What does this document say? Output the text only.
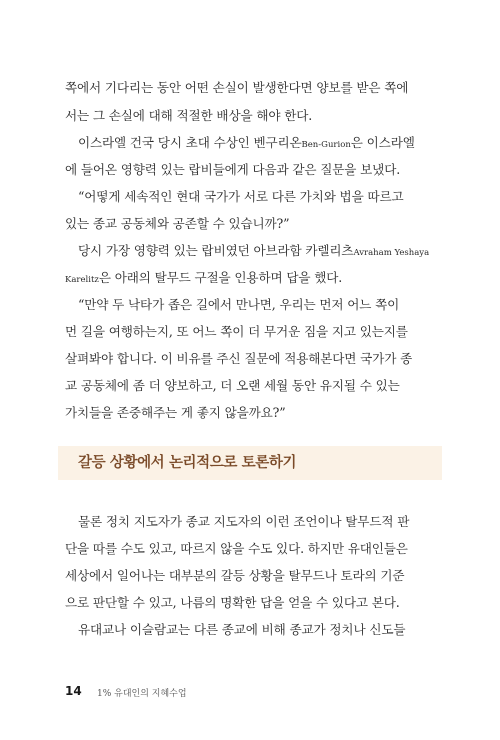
쪽에서 기다리는 동안 어떤 손실이 발생한다면 양보를 받은 쪽에
서는 그 손실에 대해 적절한 배상을 해야 한다.
이스라엘 건국 당시 초대 수상인 벤구리온Ben-Gurion은 이스라엘
에 들어온 영향력 있는 랍비들에게 다음과 같은 질문을 보냈다.
“어떻게 세속적인 현대 국가가 서로 다른 가치와 법을 따르고
있는 종교 공동체와 공존할 수 있습니까?”
당시 가장 영향력 있는 랍비였던 아브라함 카렐리츠Avraham Yeshaya
Karelitz은 아래의 탈무드 구절을 인용하며 답을 했다.
“만약 두 낙타가 좁은 길에서 만나면, 우리는 먼저 어느 쪽이
먼 길을 여행하는지, 또 어느 쪽이 더 무거운 짐을 지고 있는지를
살펴봐야 합니다. 이 비유를 주신 질문에 적용해본다면 국가가 종
교 공동체에 좀 더 양보하고, 더 오랜 세월 동안 유지될 수 있는
가치들을 존중해주는 게 좋지 않을까요?”
갈등 상황에서 논리적으로 토론하기
물론 정치 지도자가 종교 지도자의 이런 조언이나 탈무드적 판
단을 따를 수도 있고, 따르지 않을 수도 있다. 하지만 유대인들은
세상에서 일어나는 대부분의 갈등 상황을 탈무드나 토라의 기준
으로 판단할 수 있고, 나름의 명확한 답을 얻을 수 있다고 본다.
유대교나 이슬람교는 다른 종교에 비해 종교가 정치나 신도들
14 1% 유대인의 지혜수업
